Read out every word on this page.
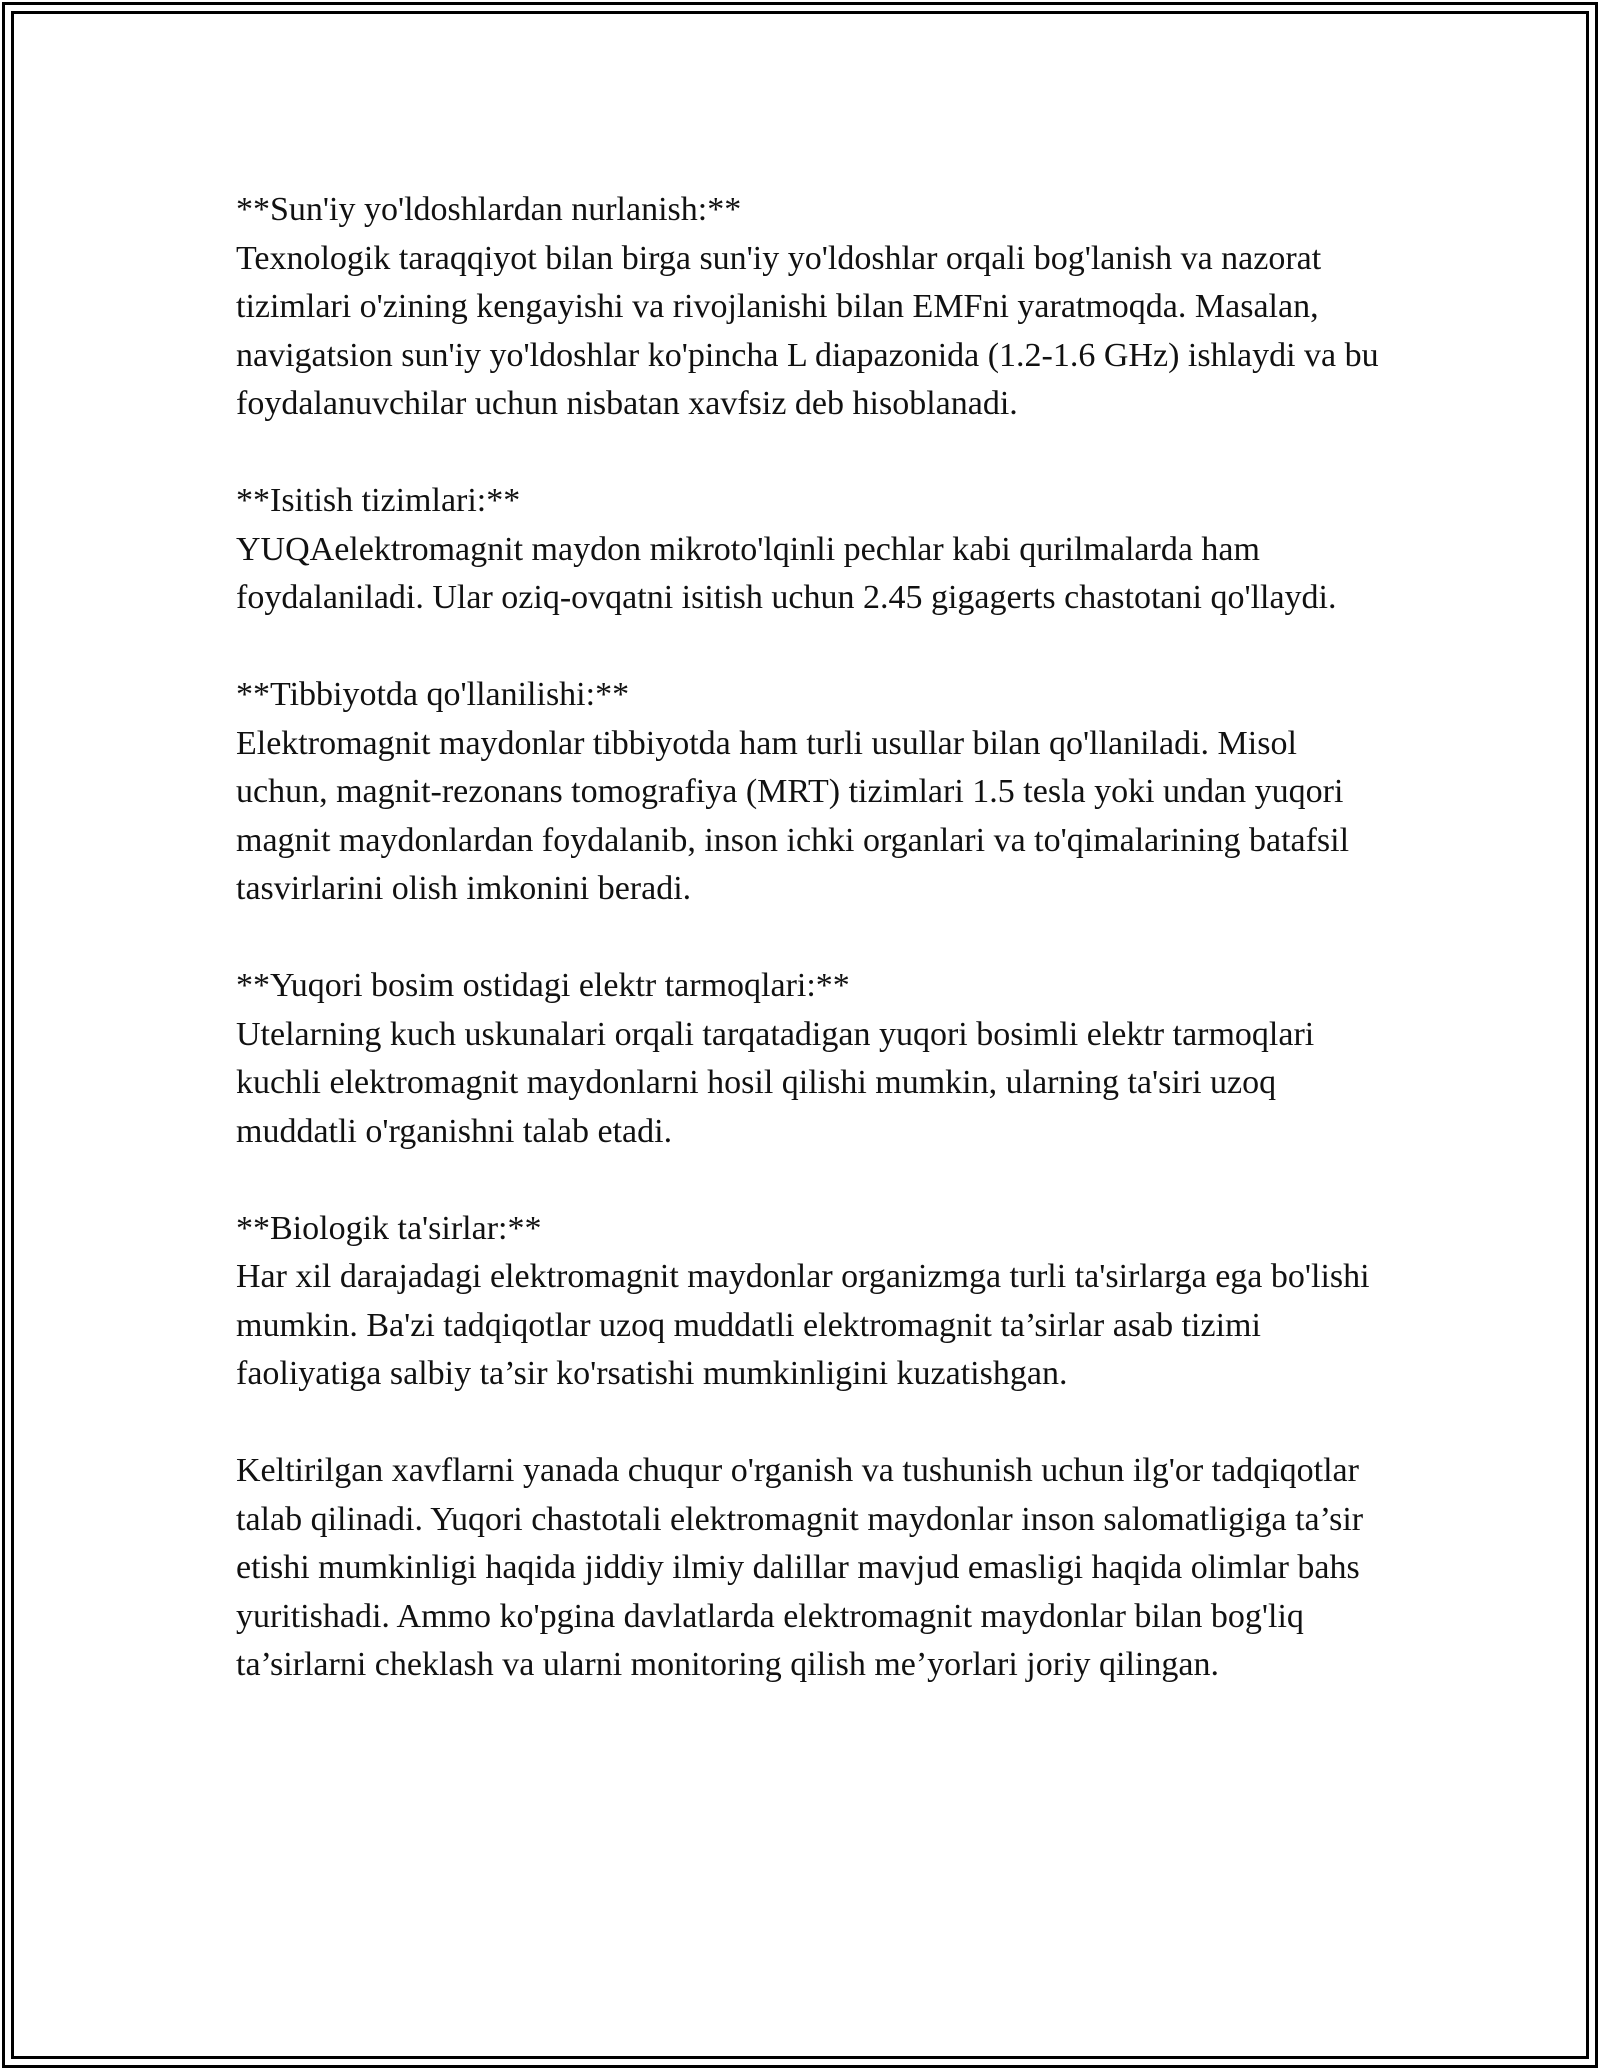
**Sun'iy yo'ldoshlardan nurlanish:**
Texnologik taraqqiyot bilan birga sun'iy yo'ldoshlar orqali bog'lanish va nazorat tizimlari o'zining kengayishi va rivojlanishi bilan EMFni yaratmoqda. Masalan, navigatsion sun'iy yo'ldoshlar ko'pincha L diapazonida (1.2-1.6 GHz) ishlaydi va bu foydalanuvchilar uchun nisbatan xavfsiz deb hisoblanadi.

**Isitish tizimlari:**
YUQAelektromagnit maydon mikroto'lqinli pechlar kabi qurilmalarda ham foydalaniladi. Ular oziq-ovqatni isitish uchun 2.45 gigagerts chastotani qo'llaydi.

**Tibbiyotda qo'llanilishi:**
Elektromagnit maydonlar tibbiyotda ham turli usullar bilan qo'llaniladi. Misol uchun, magnit-rezonans tomografiya (MRT) tizimlari 1.5 tesla yoki undan yuqori magnit maydonlardan foydalanib, inson ichki organlari va to'qimalarining batafsil tasvirlarini olish imkonini beradi.

**Yuqori bosim ostidagi elektr tarmoqlari:**
Utelarning kuch uskunalari orqali tarqatadigan yuqori bosimli elektr tarmoqlari kuchli elektromagnit maydonlarni hosil qilishi mumkin, ularning ta'siri uzoq muddatli o'rganishni talab etadi.

**Biologik ta'sirlar:**
Har xil darajadagi elektromagnit maydonlar organizmga turli ta'sirlarga ega bo'lishi mumkin. Ba'zi tadqiqotlar uzoq muddatli elektromagnit ta’sirlar asab tizimi faoliyatiga salbiy ta’sir ko'rsatishi mumkinligini kuzatishgan.

Keltirilgan xavflarni yanada chuqur o'rganish va tushunish uchun ilg'or tadqiqotlar talab qilinadi. Yuqori chastotali elektromagnit maydonlar inson salomatligiga ta’sir etishi mumkinligi haqida jiddiy ilmiy dalillar mavjud emasligi haqida olimlar bahs yuritishadi. Ammo ko'pgina davlatlarda elektromagnit maydonlar bilan bog'liq ta’sirlarni cheklash va ularni monitoring qilish me’yorlari joriy qilingan.
